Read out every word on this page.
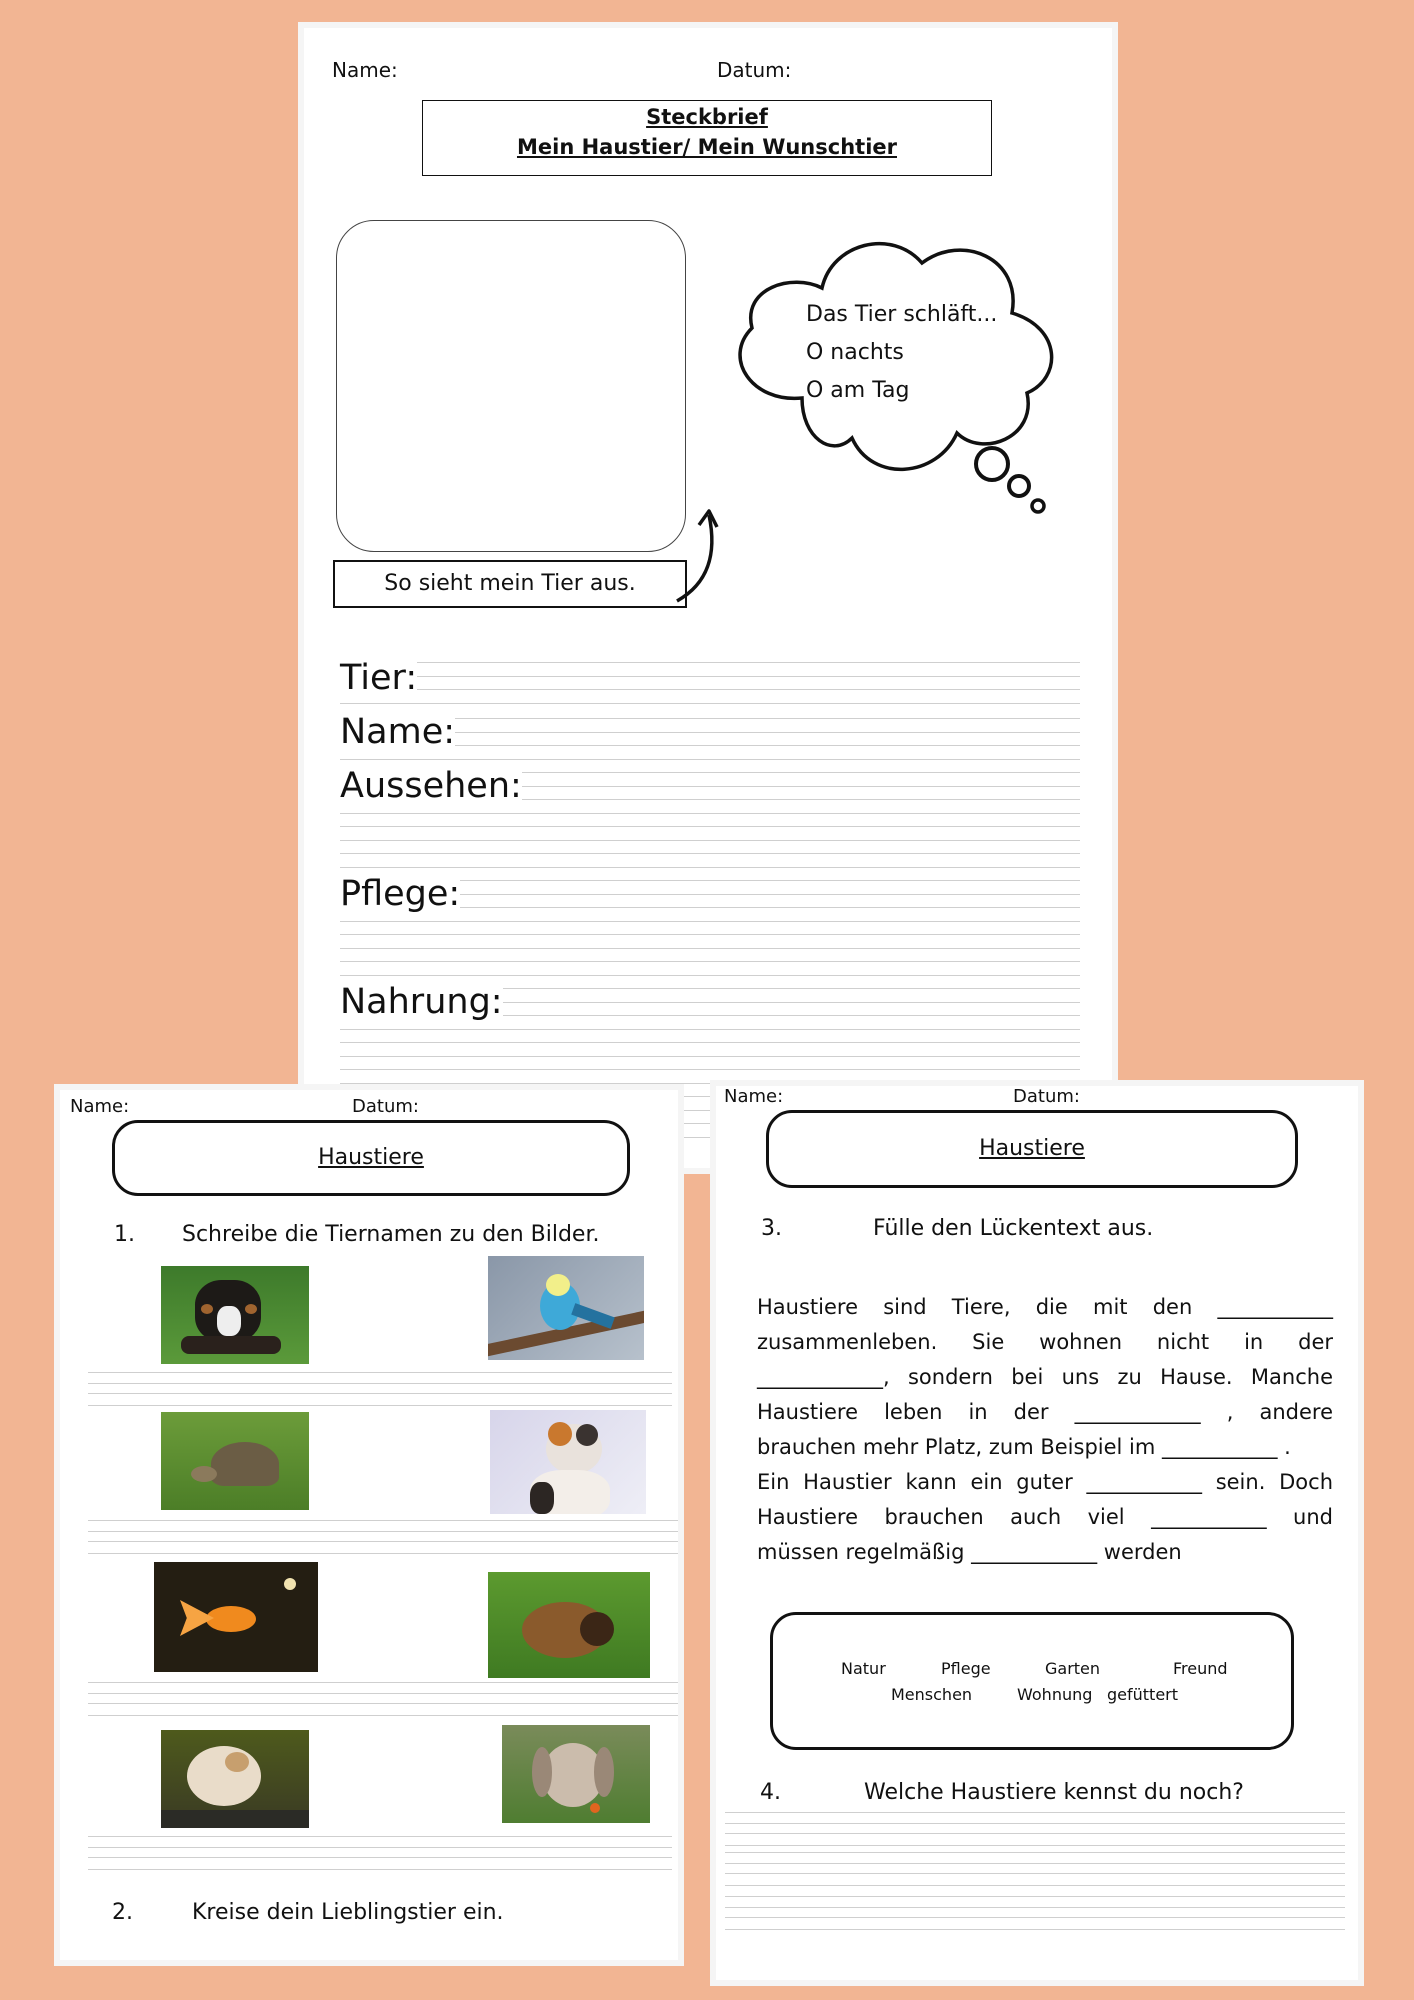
Name:	Datum:
Steckbrief
Mein Haustier/ Mein Wunschtier
So sieht mein Tier aus.
Das Tier schläft...
O nachts
O am Tag
Tier:
Name:
Aussehen:
Pflege:
Nahrung:
Name:	Datum:
Haustiere
1. Schreibe die Tiernamen zu den Bilder.
2.	Kreise dein Lieblingstier ein.
Name:	Datum:
Haustiere
3.	Fülle den Lückentext aus.

Haustiere sind Tiere, die mit den ___________

zusammenleben. Sie wohnen nicht in der

____________, sondern bei uns zu Hause. Manche

Haustiere leben in der ____________ , andere

brauchen mehr Platz, zum Beispiel im ___________ .

Ein Haustier kann ein guter ___________ sein. Doch

Haustiere brauchen auch viel ___________ und

müssen regelmäßig ____________ werden

Natur	Pflege	Garten	Freund
Menschen	Wohnung gefüttert
4.	Welche Haustiere kennst du noch?
